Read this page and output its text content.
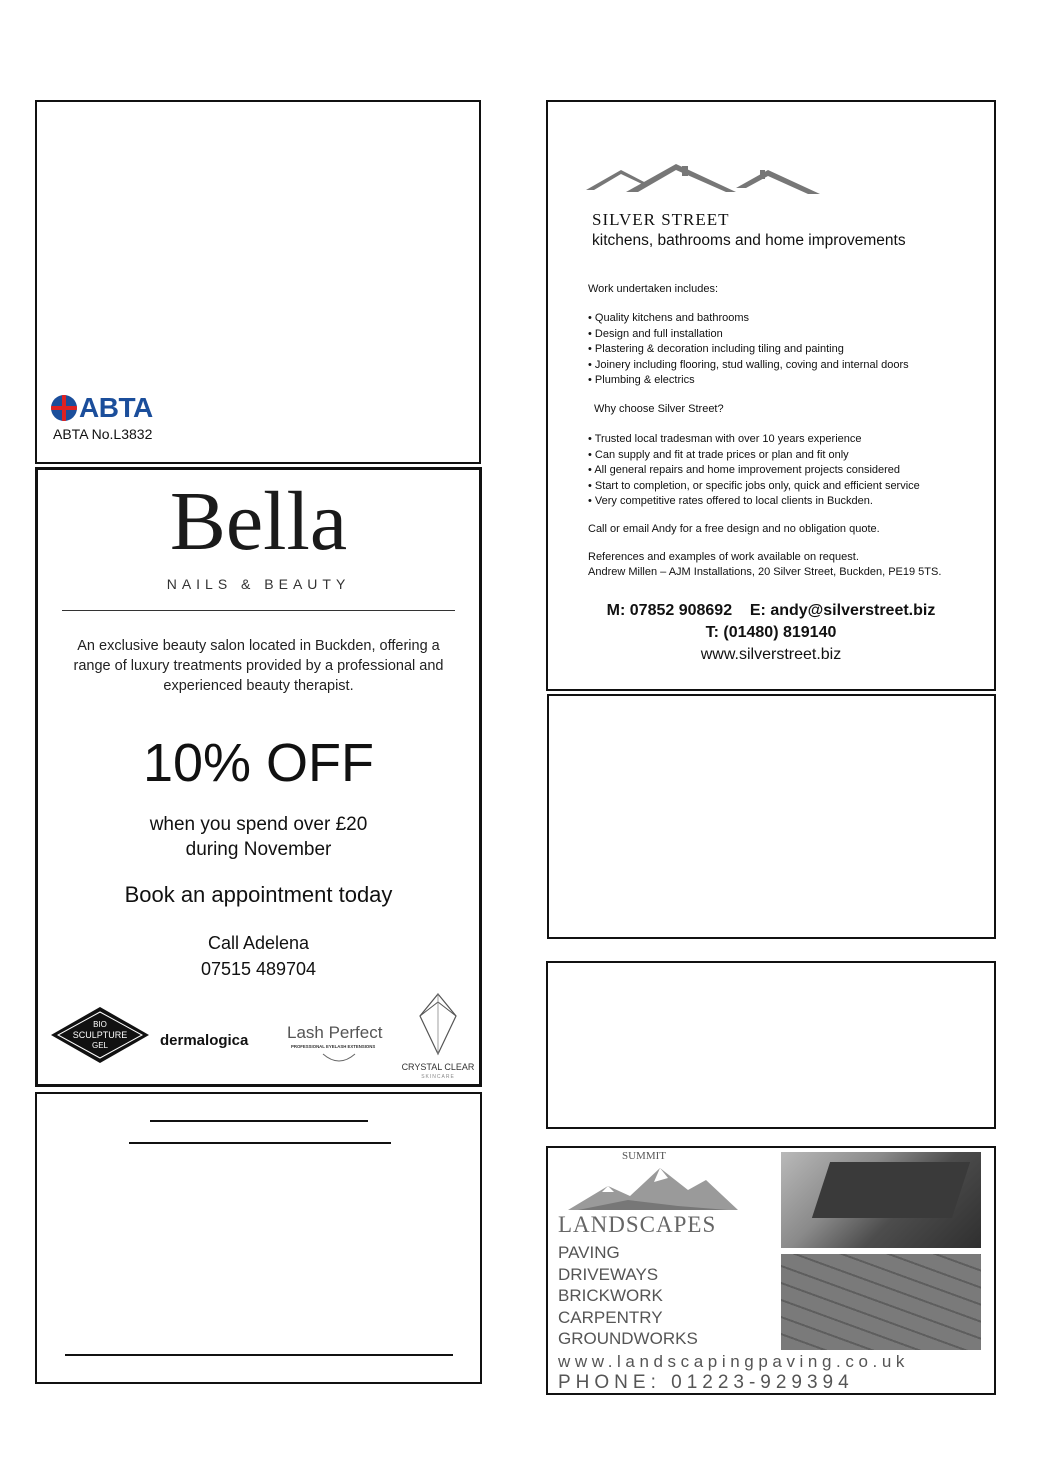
ABTA
ABTA No.L3832
Bella
NAILS & BEAUTY
An exclusive beauty salon located in Buckden, offering a range of luxury treatments provided by a professional and experienced beauty therapist.
10% OFF
when you spend over £20
during November
Book an appointment today
Call Adelena
07515 489704
BIO
SCULPTURE
GEL	dermalogica Lash Perfect
PROFESSIONAL EYELASH EXTENSIONS
CRYSTAL CLEAR
SKINCARE
SILVER STREET
kitchens, bathrooms and home improvements
Work undertaken includes:
• Quality kitchens and bathrooms
• Design and full installation
• Plastering & decoration including tiling and painting
• Joinery including flooring, stud walling, coving and internal doors
• Plumbing & electrics
Why choose Silver Street?
• Trusted local tradesman with over 10 years experience
• Can supply and fit at trade prices or plan and fit only
• All general repairs and home improvement projects considered
• Start to completion, or specific jobs only, quick and efficient service
• Very competitive rates offered to local clients in Buckden.
Call or email Andy for a free design and no obligation quote.
References and examples of work available on request.
Andrew Millen – AJM Installations, 20 Silver Street, Buckden, PE19 5TS.
M: 07852 908692    E: andy@silverstreet.biz
T: (01480) 819140
www.silverstreet.biz
SUMMIT
LANDSCAPES
PAVING
DRIVEWAYS
BRICKWORK
CARPENTRY
GROUNDWORKS
www.landscapingpaving.co.uk
PHONE: 01223-929394
